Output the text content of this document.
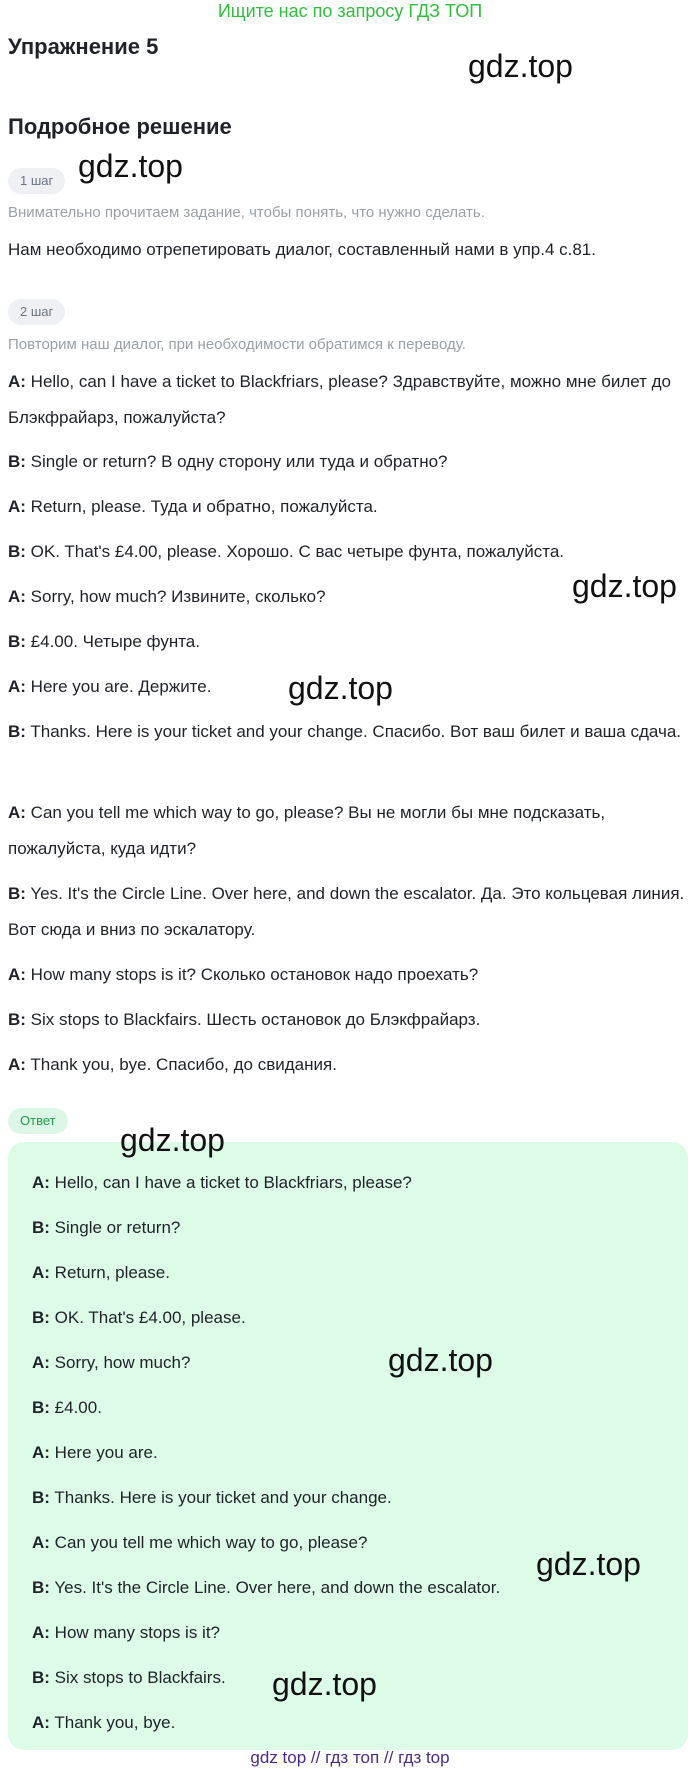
Ищите нас по запросу ГДЗ ТОП
Упражнение 5
gdz.top
Подробное решение
1 шаг gdz.top
Внимательно прочитаем задание, чтобы понять, что нужно сделать.
Нам необходимо отрепетировать диалог, составленный нами в упр.4 с.81.
2 шаг
Повторим наш диалог, при необходимости обратимся к переводу.
A: Hello, can I have a ticket to Blackfriars, please? Здравствуйте, можно мне билет до Блэкфрайарз, пожалуйста?
B: Single or return? В одну сторону или туда и обратно?
A: Return, please. Туда и обратно, пожалуйста.
B: OK. That's £4.00, please. Хорошо. С вас четыре фунта, пожалуйста.
A: Sorry, how much? Извините, сколько?	gdz.top
B: £4.00. Четыре фунта.
A: Here you are. Держите.	gdz.top
B: Thanks. Here is your ticket and your change. Спасибо. Вот ваш билет и ваша сдача.
A: Can you tell me which way to go, please? Вы не могли бы мне подсказать, пожалуйста, куда идти?
B: Yes. It's the Circle Line. Over here, and down the escalator. Да. Это кольцевая линия. Вот сюда и вниз по эскалатору.
A: How many stops is it? Сколько остановок надо проехать?
B: Six stops to Blackfairs. Шесть остановок до Блэкфрайарз.
A: Thank you, bye. Спасибо, до свидания.
Ответ
gdz.top
A: Hello, can I have a ticket to Blackfriars, please?
B: Single or return?
A: Return, please.
B: OK. That's £4.00, please.
A: Sorry, how much?	gdz.top
B: £4.00.
A: Here you are.
B: Thanks. Here is your ticket and your change.
A: Can you tell me which way to go, please?
B: Yes. It's the Circle Line. Over here, and down the escalator.
gdz.top
A: How many stops is it?
B: Six stops to Blackfairs.	gdz.top
A: Thank you, bye.
gdz top // гдз топ // гдз top
